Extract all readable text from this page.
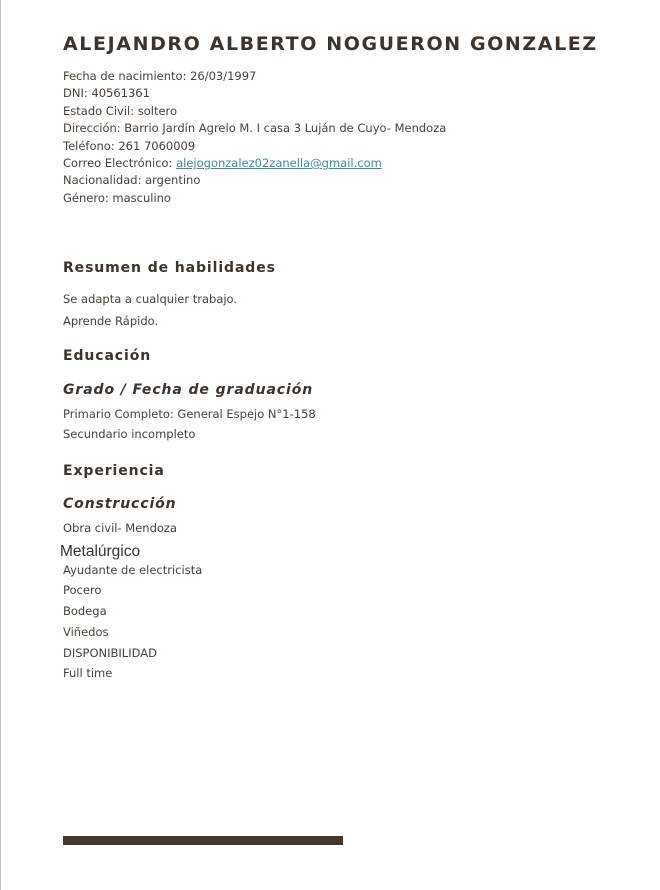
ALEJANDRO ALBERTO NOGUERON GONZALEZ
Fecha de nacimiento: 26/03/1997
DNI: 40561361
Estado Civil: soltero
Dirección: Barrio Jardín Agrelo M. I casa 3 Luján de Cuyo- Mendoza
Teléfono: 261 7060009
Correo Electrónico: alejogonzalez02zanella@gmail.com
Nacionalidad: argentino
Género: masculino
Resumen de habilidades
Se adapta a cualquier trabajo.
Aprende Rápido.
Educación
Grado / Fecha de graduación
Primario Completo: General Espejo N°1-158
Secundario incompleto
Experiencia
Construcción
Obra civil- Mendoza
Metalúrgico
Ayudante de electricista
Pocero
Bodega
Viñedos
DISPONIBILIDAD
Full time
